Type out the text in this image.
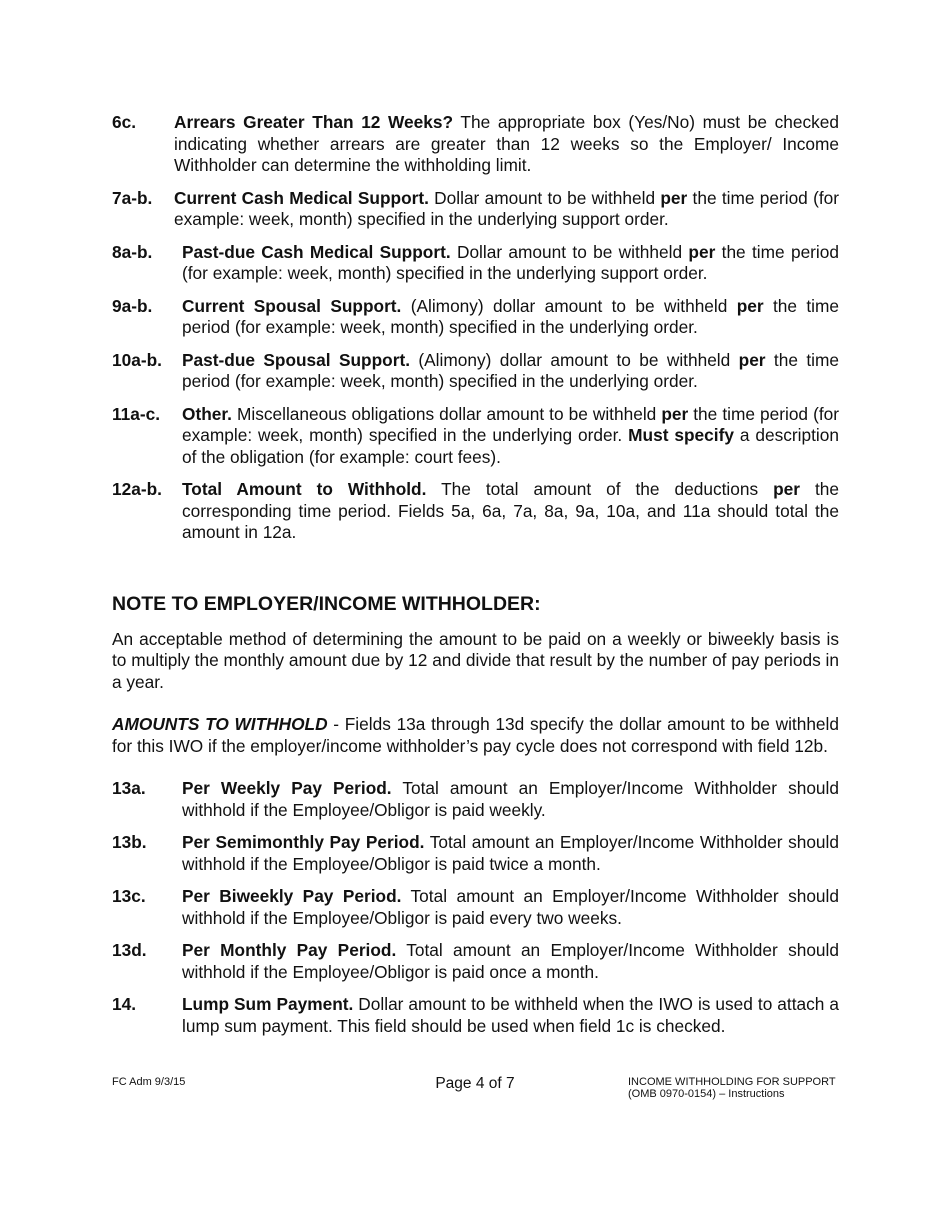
6c.	Arrears Greater Than 12 Weeks? The appropriate box (Yes/No) must be checked indicating whether arrears are greater than 12 weeks so the Employer/ Income Withholder can determine the withholding limit.
7a-b.	Current Cash Medical Support. Dollar amount to be withheld per the time period (for example: week, month) specified in the underlying support order.
8a-b.	Past-due Cash Medical Support. Dollar amount to be withheld per the time period (for example: week, month) specified in the underlying support order.
9a-b.	Current Spousal Support. (Alimony) dollar amount to be withheld per the time period (for example: week, month) specified in the underlying order.
10a-b.	Past-due Spousal Support. (Alimony) dollar amount to be withheld per the time period (for example: week, month) specified in the underlying order.
11a-c.	Other. Miscellaneous obligations dollar amount to be withheld per the time period (for example: week, month) specified in the underlying order. Must specify a description of the obligation (for example: court fees).
12a-b.	Total Amount to Withhold. The total amount of the deductions per the corresponding time period. Fields 5a, 6a, 7a, 8a, 9a, 10a, and 11a should total the amount in 12a.
NOTE TO EMPLOYER/INCOME WITHHOLDER:
An acceptable method of determining the amount to be paid on a weekly or biweekly basis is to multiply the monthly amount due by 12 and divide that result by the number of pay periods in a year.
AMOUNTS TO WITHHOLD - Fields 13a through 13d specify the dollar amount to be withheld for this IWO if the employer/income withholder’s pay cycle does not correspond with field 12b.
13a.	Per Weekly Pay Period. Total amount an Employer/Income Withholder should withhold if the Employee/Obligor is paid weekly.
13b.	Per Semimonthly Pay Period. Total amount an Employer/Income Withholder should withhold if the Employee/Obligor is paid twice a month.
13c.	Per Biweekly Pay Period. Total amount an Employer/Income Withholder should withhold if the Employee/Obligor is paid every two weeks.
13d.	Per Monthly Pay Period. Total amount an Employer/Income Withholder should withhold if the Employee/Obligor is paid once a month.
14.	Lump Sum Payment. Dollar amount to be withheld when the IWO is used to attach a lump sum payment. This field should be used when field 1c is checked.
FC Adm 9/3/15	Page 4 of 7	INCOME WITHHOLDING FOR SUPPORT
(OMB 0970-0154) – Instructions
